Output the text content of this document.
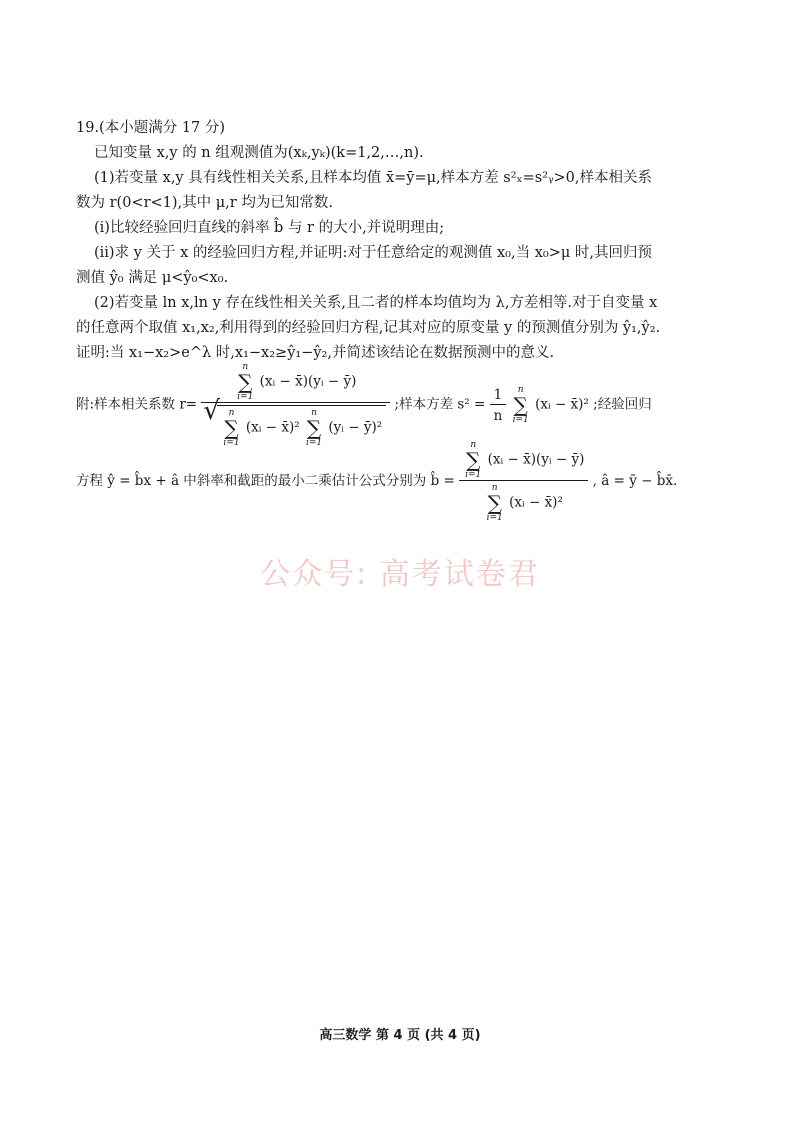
19.(本小题满分 17 分)
已知变量 x,y 的 n 组观测值为(xₖ,yₖ)(k=1,2,…,n).
(1)若变量 x,y 具有线性相关关系,且样本均值 x̄=ȳ=μ,样本方差 s²ₓ=s²ᵧ>0,样本相关系
数为 r(0<r<1),其中 μ,r 均为已知常数.
(ⅰ)比较经验回归直线的斜率 b̂ 与 r 的大小,并说明理由;
(ⅱ)求 y 关于 x 的经验回归方程,并证明:对于任意给定的观测值 x₀,当 x₀>μ 时,其回归预
测值 ŷ₀ 满足 μ<ŷ₀<x₀.
(2)若变量 ln x,ln y 存在线性相关关系,且二者的样本均值均为 λ,方差相等.对于自变量 x
的任意两个取值 x₁,x₂,利用得到的经验回归方程,记其对应的原变量 y 的预测值分别为 ŷ₁,ŷ₂.
证明:当 x₁−x₂>e^λ 时,x₁−x₂≥ŷ₁−ŷ₂,并简述该结论在数据预测中的意义.
附:样本相关系数 r= n
∑
i=1
(xᵢ − x̄)(yᵢ − ȳ)
√ n
∑
i=1
(xᵢ − x̄)²
n
∑
i=1
(yᵢ − ȳ)² ;样本方差 $s^2 = \frac{1}{n}$
	n
∑
i=1
(xᵢ − x̄)² ;经验回归
方程 ŷ = b̂x + â 中斜率和截距的最小二乘估计公式分别为 b̂ = n
∑
i=1
(xᵢ − x̄)(yᵢ − ȳ)
n
∑
i=1
(xᵢ − x̄)² , â = ȳ − b̂x̄.
公众号: 高考试卷君
高三数学 第 4 页 (共 4 页)
